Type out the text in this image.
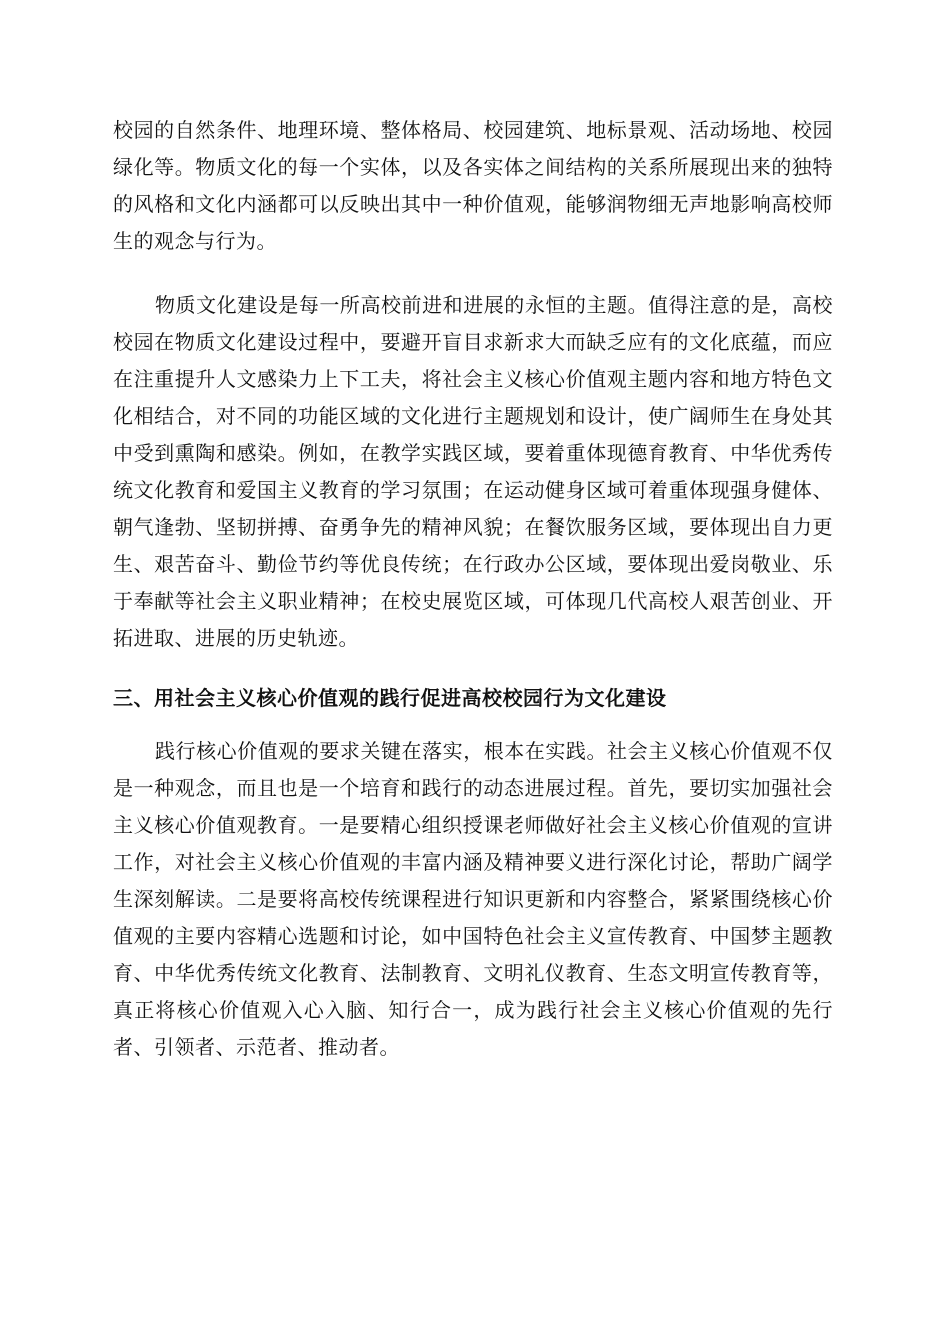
校园的自然条件、地理环境、整体格局、校园建筑、地标景观、活动场地、校园绿化等。物质文化的每一个实体，以及各实体之间结构的关系所展现出来的独特的风格和文化内涵都可以反映出其中一种价值观，能够润物细无声地影响高校师生的观念与行为。

物质文化建设是每一所高校前进和进展的永恒的主题。值得注意的是，高校校园在物质文化建设过程中，要避开盲目求新求大而缺乏应有的文化底蕴，而应在注重提升人文感染力上下工夫，将社会主义核心价值观主题内容和地方特色文化相结合，对不同的功能区域的文化进行主题规划和设计，使广阔师生在身处其中受到熏陶和感染。例如，在教学实践区域，要着重体现德育教育、中华优秀传统文化教育和爱国主义教育的学习氛围；在运动健身区域可着重体现强身健体、朝气逢勃、坚韧拼搏、奋勇争先的精神风貌；在餐饮服务区域，要体现出自力更生、艰苦奋斗、勤俭节约等优良传统；在行政办公区域，要体现出爱岗敬业、乐于奉献等社会主义职业精神；在校史展览区域，可体现几代高校人艰苦创业、开拓进取、进展的历史轨迹。

三、用社会主义核心价值观的践行促进高校校园行为文化建设

践行核心价值观的要求关键在落实，根本在实践。社会主义核心价值观不仅是一种观念，而且也是一个培育和践行的动态进展过程。首先，要切实加强社会主义核心价值观教育。一是要精心组织授课老师做好社会主义核心价值观的宣讲工作，对社会主义核心价值观的丰富内涵及精神要义进行深化讨论，帮助广阔学生深刻解读。二是要将高校传统课程进行知识更新和内容整合，紧紧围绕核心价值观的主要内容精心选题和讨论，如中国特色社会主义宣传教育、中国梦主题教育、中华优秀传统文化教育、法制教育、文明礼仪教育、生态文明宣传教育等，真正将核心价值观入心入脑、知行合一，成为践行社会主义核心价值观的先行者、引领者、示范者、推动者。
